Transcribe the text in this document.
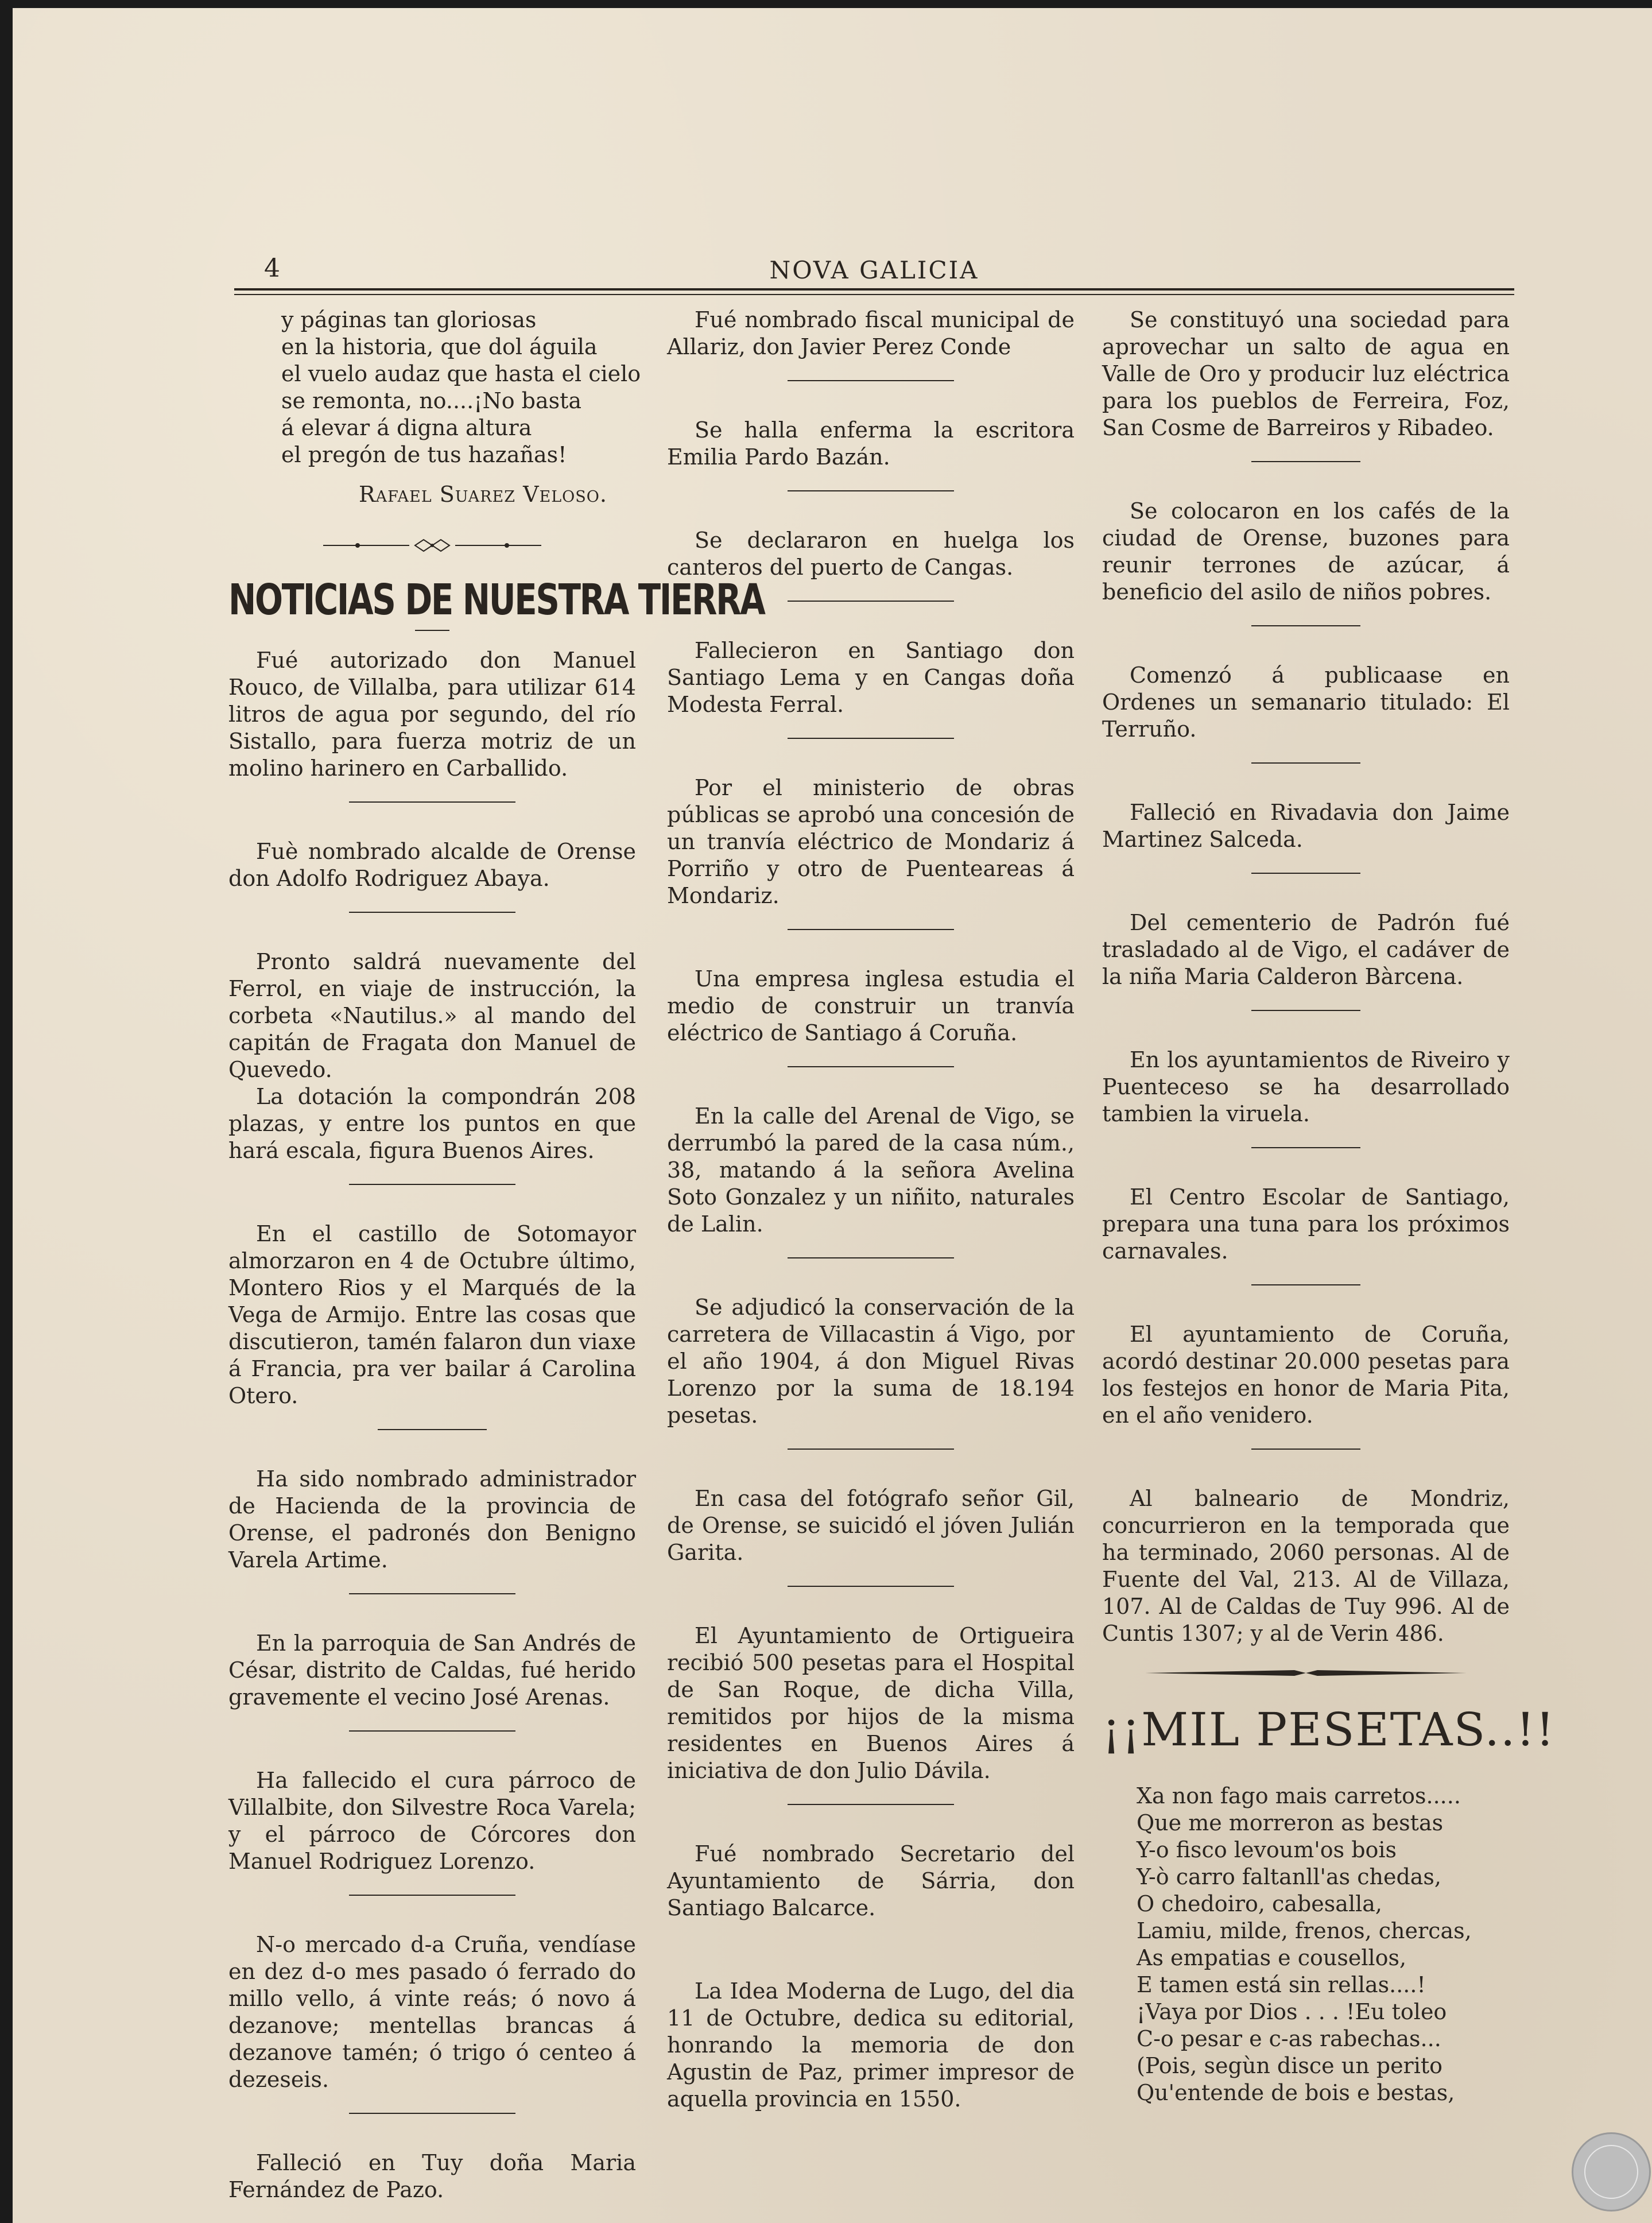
4	NOVA GALICIA

y páginas tan gloriosas

en la historia, que dol águila

el vuelo audaz que hasta el cielo

se remonta, no....¡No basta

á elevar á digna altura

el pregón de tus hazañas!

Rafael Suarez Veloso.
NOTICIAS DE NUESTRA TIERRA

Fué autorizado don Manuel Rouco, de Villalba, para utilizar 614 litros de agua por segundo, del río Sistallo, para fuerza motriz de un molino harinero en Carballido.

Fuè nombrado alcalde de Orense don Adolfo Rodriguez Abaya.

Pronto saldrá nuevamente del Ferrol, en viaje de instrucción, la corbeta «Nautilus.» al mando del capitán de Fragata don Manuel de Quevedo.

La dotación la compondrán 208 plazas, y entre los puntos en que hará escala, figura Buenos Aires.

En el castillo de Sotomayor almorzaron en 4 de Octubre último, Montero Rios y el Marqués de la Vega de Armijo. Entre las cosas que discutieron, tamén falaron dun viaxe á Francia, pra ver bailar á Carolina Otero.

Ha sido nombrado administrador de Hacienda de la provincia de Orense, el padronés don Benigno Varela Artime.

En la parroquia de San Andrés de César, distrito de Caldas, fué herido gravemente el vecino José Arenas.

Ha fallecido el cura párroco de Villalbite, don Silvestre Roca Varela; y el párroco de Córcores don Manuel Rodriguez Lorenzo.

N-o mercado d-a Cruña, vendíase en dez d-o mes pasado ó ferrado do millo vello, á vinte reás; ó novo á dezanove; mentellas brancas á dezanove tamén; ó trigo ó centeo á dezeseis.

Falleció en Tuy doña Maria Fernández de Pazo.

Fué nombrado fiscal municipal de Allariz, don Javier Perez Conde

Se halla enferma la escritora Emilia Pardo Bazán.

Se declararon en huelga los canteros del puerto de Cangas.

Fallecieron en Santiago don Santiago Lema y en Cangas doña Modesta Ferral.

Por el ministerio de obras públicas se aprobó una concesión de un tranvía eléctrico de Mondariz á Porriño y otro de Puenteareas á Mondariz.

Una empresa inglesa estudia el medio de construir un tranvía eléctrico de Santiago á Coruña.

En la calle del Arenal de Vigo, se derrumbó la pared de la casa núm., 38, matando á la señora Avelina Soto Gonzalez y un niñito, naturales de Lalin.

Se adjudicó la conservación de la carretera de Villacastin á Vigo, por el año 1904, á don Miguel Rivas Lorenzo por la suma de 18.194 pesetas.

En casa del fotógrafo señor Gil, de Orense, se suicidó el jóven Julián Garita.

El Ayuntamiento de Ortigueira recibió 500 pesetas para el Hospital de San Roque, de dicha Villa, remitidos por hijos de la misma residentes en Buenos Aires á iniciativa de don Julio Dávila.

Fué nombrado Secretario del Ayuntamiento de Sárria, don Santiago Balcarce.

La Idea Moderna de Lugo, del dia 11 de Octubre, dedica su editorial, honrando la memoria de don Agustin de Paz, primer impresor de aquella provincia en 1550.

Se constituyó una sociedad para aprovechar un salto de agua en Valle de Oro y producir luz eléctrica para los pueblos de Ferreira, Foz, San Cosme de Barreiros y Ribadeo.

Se colocaron en los cafés de la ciudad de Orense, buzones para reunir terrones de azúcar, á beneficio del asilo de niños pobres.

Comenzó á publicaase en Ordenes un semanario titulado: El Terruño.

Falleció en Rivadavia don Jaime Martinez Salceda.

Del cementerio de Padrón fué trasladado al de Vigo, el cadáver de la niña Maria Calderon Bàrcena.

En los ayuntamientos de Riveiro y Puenteceso se ha desarrollado tambien la viruela.

El Centro Escolar de Santiago, prepara una tuna para los próximos carnavales.

El ayuntamiento de Coruña, acordó destinar 20.000 pesetas para los festejos en honor de Maria Pita, en el año venidero.

Al balneario de Mondriz, concurrieron en la temporada que ha terminado, 2060 personas. Al de Fuente del Val, 213. Al de Villaza, 107. Al de Caldas de Tuy 996. Al de Cuntis 1307; y al de Verin 486.

¡¡MIL PESETAS..!!

Xa non fago mais carretos.....

Que me morreron as bestas

Y-o fisco levoum'os bois

Y-ò carro faltanll'as chedas,

O chedoiro, cabesalla,

Lamiu, milde, frenos, chercas,

As empatias e cousellos,

E tamen está sin rellas....!

¡Vaya por Dios . . . !Eu toleo

C-o pesar e c-as rabechas...

(Pois, segùn disce un perito

Qu'entende de bois e bestas,
